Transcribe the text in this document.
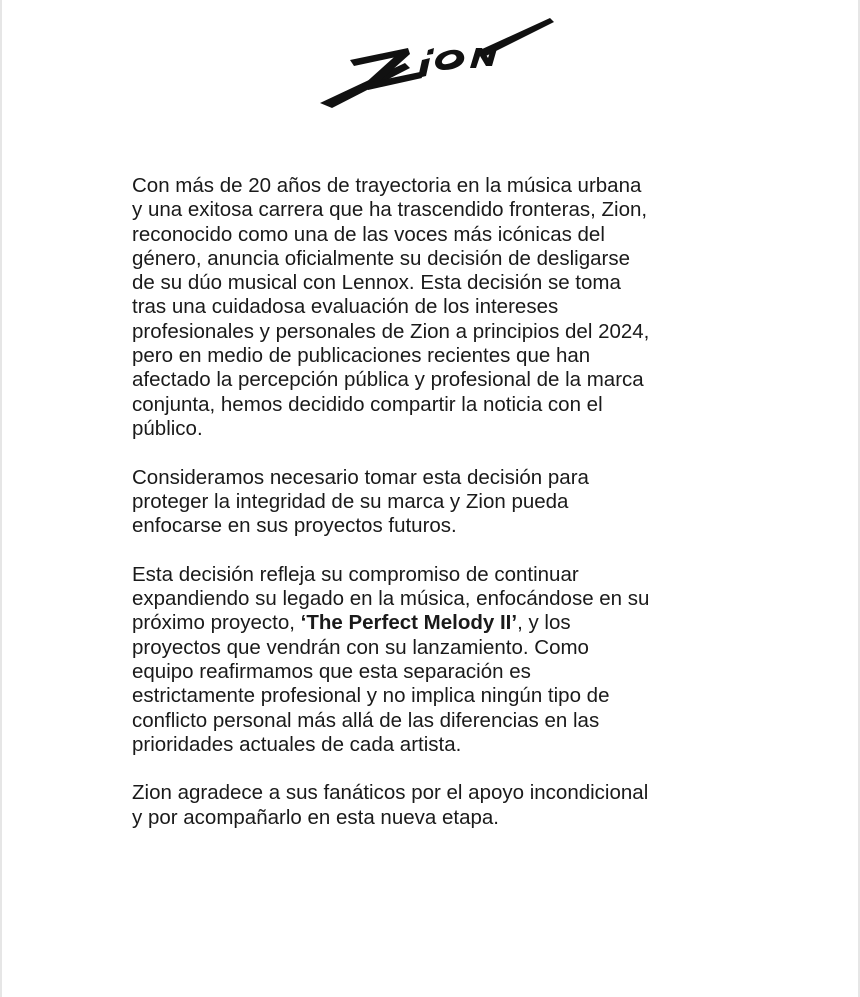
Con más de 20 años de trayectoria en la música urbana
y una exitosa carrera que ha trascendido fronteras, Zion,
reconocido como una de las voces más icónicas del
género, anuncia oficialmente su decisión de desligarse
de su dúo musical con Lennox. Esta decisión se toma
tras una cuidadosa evaluación de los intereses
profesionales y personales de Zion a principios del 2024,
pero en medio de publicaciones recientes que han
afectado la percepción pública y profesional de la marca
conjunta, hemos decidido compartir la noticia con el
público.

Consideramos necesario tomar esta decisión para
proteger la integridad de su marca y Zion pueda
enfocarse en sus proyectos futuros.

Esta decisión refleja su compromiso de continuar
expandiendo su legado en la música, enfocándose en su
próximo proyecto, ‘The Perfect Melody II’, y los
proyectos que vendrán con su lanzamiento. Como
equipo reafirmamos que esta separación es
estrictamente profesional y no implica ningún tipo de
conflicto personal más allá de las diferencias en las
prioridades actuales de cada artista.

Zion agradece a sus fanáticos por el apoyo incondicional
y por acompañarlo en esta nueva etapa.
